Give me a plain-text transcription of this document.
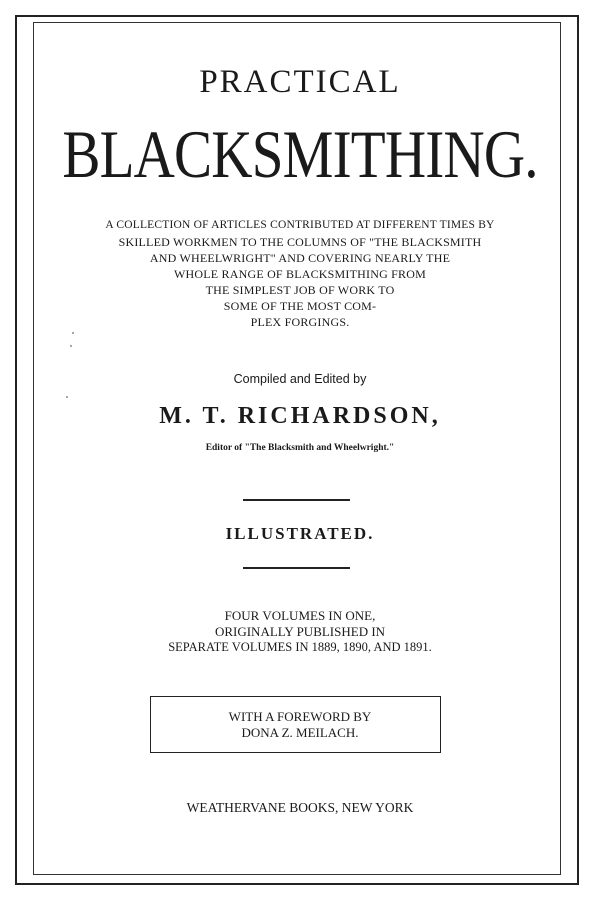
PRACTICAL
BLACKSMITHING.
A COLLECTION OF ARTICLES CONTRIBUTED AT DIFFERENT TIMES BY
SKILLED WORKMEN TO THE COLUMNS OF "THE BLACKSMITH
AND WHEELWRIGHT" AND COVERING NEARLY THE
WHOLE RANGE OF BLACKSMITHING FROM
THE SIMPLEST JOB OF WORK TO
SOME OF THE MOST COM-
PLEX FORGINGS.
Compiled and Edited by
M. T. RICHARDSON,
Editor of "The Blacksmith and Wheelwright."
ILLUSTRATED.
FOUR VOLUMES IN ONE,
ORIGINALLY PUBLISHED IN
SEPARATE VOLUMES IN 1889, 1890, AND 1891.
WITH A FOREWORD BY
DONA Z. MEILACH.
WEATHERVANE BOOKS, NEW YORK
